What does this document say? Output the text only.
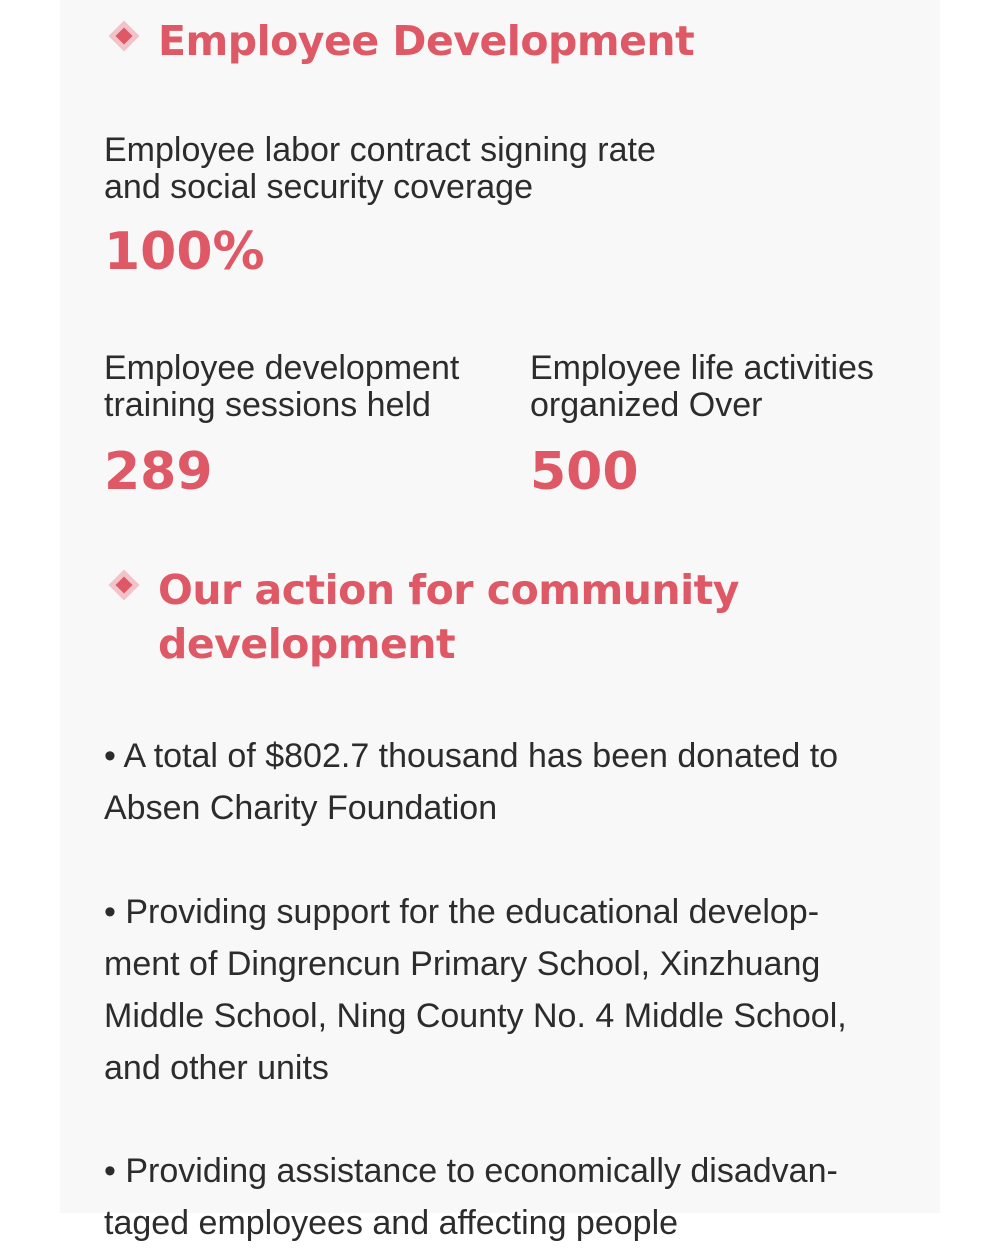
Employee Development
Employee labor contract signing rate
and social security coverage
100%
Employee development
training sessions held
289
Employee life activities
organized Over
500
Our action for community
development
• A total of $802.7 thousand has been donated to Absen Charity Foundation
• Providing support for the educational develop-ment of Dingrencun Primary School, Xinzhuang Middle School, Ning County No. 4 Middle School, and other units
• Providing assistance to economically disadvan-taged employees and affecting people
